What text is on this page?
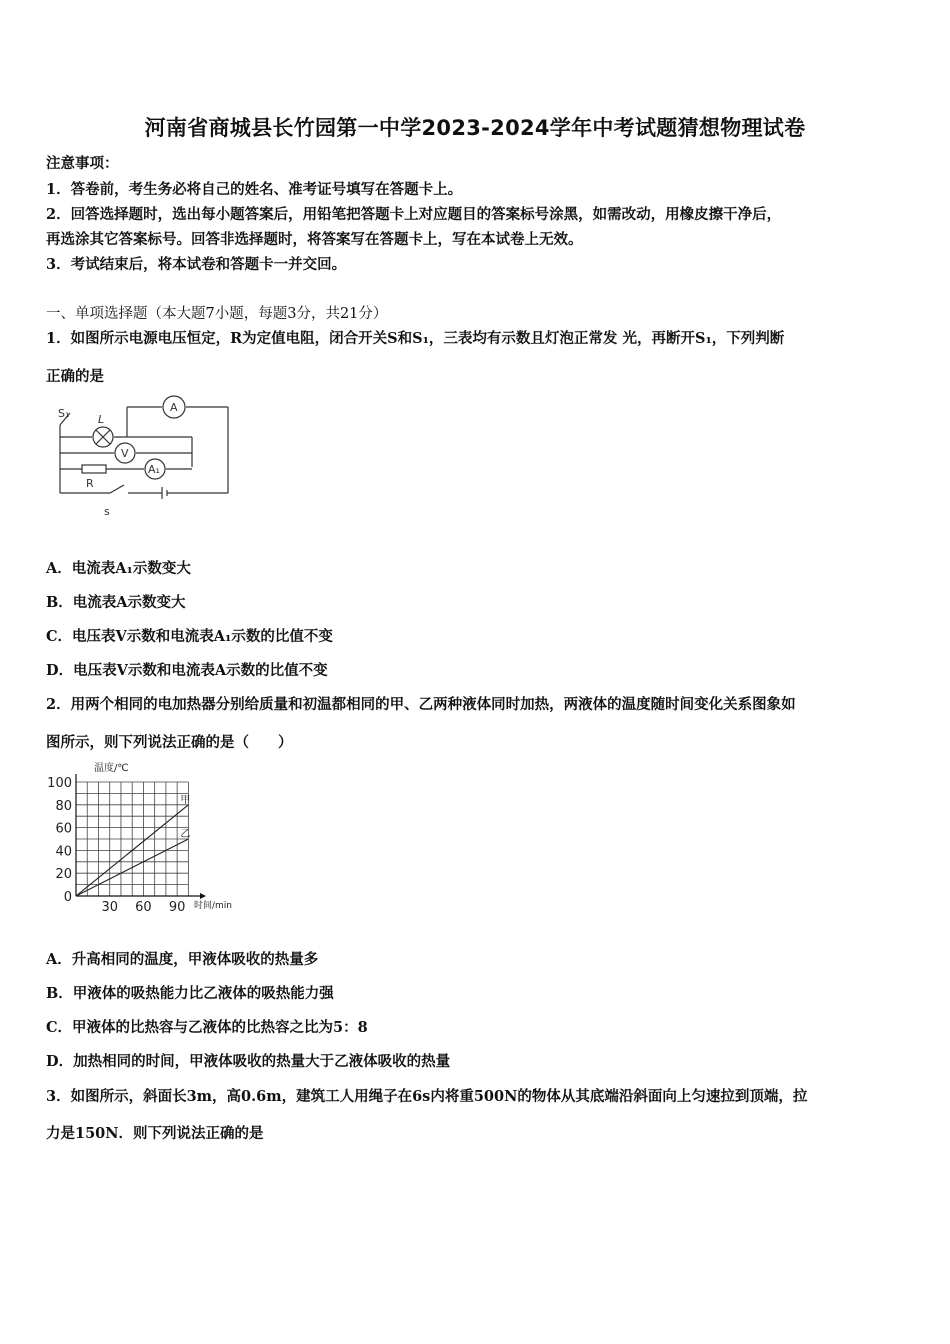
河南省商城县长竹园第一中学2023-2024学年中考试题猜想物理试卷
注意事项：
1．答卷前，考生务必将自己的姓名、准考证号填写在答题卡上。
2．回答选择题时，选出每小题答案后，用铅笔把答题卡上对应题目的答案标号涂黑，如需改动，用橡皮擦干净后，
再选涂其它答案标号。回答非选择题时，将答案写在答题卡上，写在本试卷上无效。
3．考试结束后，将本试卷和答题卡一并交回。
一、单项选择题（本大题7小题，每题3分，共21分）
1．如图所示电源电压恒定，R为定值电阻，闭合开关S和S₁，三表均有示数且灯泡正常发 光，再断开S₁，下列判断
正确的是
A
V
A₁
S₁	L
R
s
A．电流表A₁示数变大
B．电流表A示数变大
C．电压表V示数和电流表A₁示数的比值不变
D．电压表V示数和电流表A示数的比值不变
2．用两个相同的电加热器分别给质量和初温都相同的甲、乙两种液体同时加热，两液体的温度随时间变化关系图象如
图所示，则下列说法正确的是（　　）
甲
乙
0
20
40
60
80
100
30 60 90
温度/℃
时间/min
A．升高相同的温度，甲液体吸收的热量多
B．甲液体的吸热能力比乙液体的吸热能力强
C．甲液体的比热容与乙液体的比热容之比为5：8
D．加热相同的时间，甲液体吸收的热量大于乙液体吸收的热量
3．如图所示，斜面长3m，高0.6m，建筑工人用绳子在6s内将重500N的物体从其底端沿斜面向上匀速拉到顶端，拉
力是150N．则下列说法正确的是
